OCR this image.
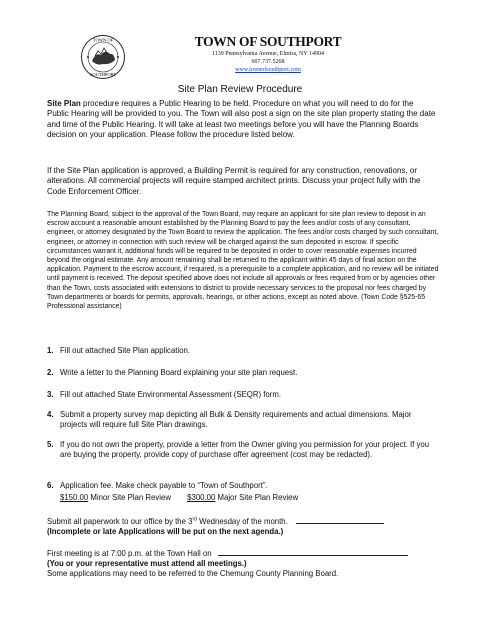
TOWN OF
SOUTHPORT
TOWN OF SOUTHPORT
1139 Pennsylvania Avenue, Elmira, NY 14904
607.737.5268
www.townofsouthport.com
Site Plan Review Procedure
Site Plan procedure requires a Public Hearing to be held. Procedure on what you will need to do for the Public Hearing will be provided to you. The Town will also post a sign on the site plan property stating the date and time of the Public Hearing. It will take at least two meetings before you will have the Planning Boards decision on your application. Please follow the procedure listed below.
If the Site Plan application is approved, a Building Permit is required for any construction, renovations, or alterations. All commercial projects will require stamped architect prints. Discuss your project fully with the Code Enforcement Officer.
The Planning Board, subject to the approval of the Town Board, may require an applicant for site plan review to deposit in an escrow account a reasonable amount established by the Planning Board to pay the fees and/or costs of any consultant, engineer, or attorney designated by the Town Board to review the application. The fees and/or costs charged by such consultant, engineer, or attorney in connection with such review will be charged against the sum deposited in escrow. If specific circumstances warrant it, additional funds will be required to be deposited in order to cover reasonable expenses incurred beyond the original estimate. Any amount remaining shall be returned to the applicant within 45 days of final action on the application. Payment to the escrow account, if required, is a prerequisite to a complete application, and no review will be initiated until payment is received. The deposit specified above does not include all approvals or fees required from or by agencies other than the Town, costs associated with extensions to district to provide necessary services to the proposal nor fees charged by Town departments or boards for permits, approvals, hearings, or other actions, except as noted above. (Town Code §525-65 Professional assistance)
1. Fill out attached Site Plan application.
2. Write a letter to the Planning Board explaining your site plan request.
3. Fill out attached State Environmental Assessment (SEQR) form.
4. Submit a property survey map depicting all Bulk & Density requirements and actual dimensions. Major projects will require full Site Plan drawings.
5. If you do not own the property, provide a letter from the Owner giving you permission for your project. If you are buying the property, provide copy of purchase offer agreement (cost may be redacted).
6. Application fee. Make check payable to “Town of Southport”.
$150.00 Minor Site Plan Review $300.00 Major Site Plan Review
Submit all paperwork to our office by the 3rd Wednesday of the month.
(Incomplete or late Applications will be put on the next agenda.)
First meeting is at 7:00 p.m. at the Town Hall on
(You or your representative must attend all meetings.)
Some applications may need to be referred to the Chemung County Planning Board.
